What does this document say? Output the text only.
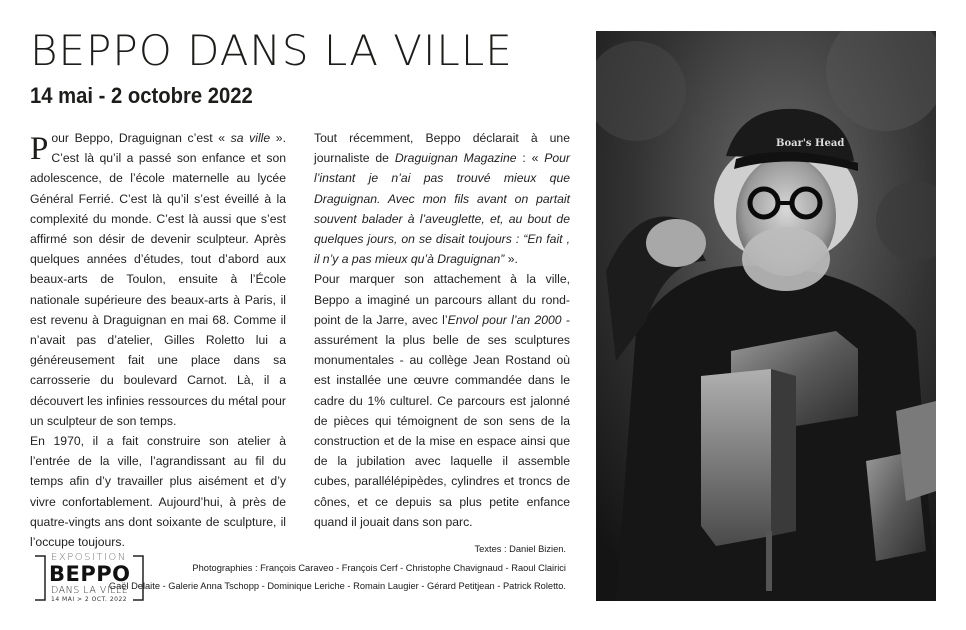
BEPPO DANS LA VILLE
14 mai - 2 octobre 2022

Pour Beppo, Draguignan c’est « sa ville ». C’est là qu’il a passé son enfance et son adolescence, de l’école maternelle au lycée Général Ferrié. C’est là qu’il s’est éveillé à la complexité du monde. C’est là aussi que s’est affirmé son désir de devenir sculpteur. Après quelques années d’études, tout d’abord aux beaux-arts de Toulon, ensuite à l’École nationale supérieure des beaux-arts à Paris, il est revenu à Draguignan en mai 68. Comme il n’avait pas d’atelier, Gilles Roletto lui a généreusement fait une place dans sa carrosserie du boulevard Carnot. Là, il a découvert les infinies ressources du métal pour un sculpteur de son temps.

En 1970, il a fait construire son atelier à l’entrée de la ville, l’agrandissant au fil du temps afin d’y travailler plus aisément et d’y vivre confortablement. Aujourd’hui, à près de quatre-vingts ans dont soixante de sculpture, il l’occupe toujours.

Tout récemment, Beppo déclarait à une journaliste de Draguignan Magazine : « Pour l’instant je n’ai pas trouvé mieux que Draguignan. Avec mon fils avant on partait souvent balader à l’aveuglette, et, au bout de quelques jours, on se disait toujours : “En fait , il n’y a pas mieux qu’à Draguignan” ».

Pour marquer son attachement à la ville, Beppo a imaginé un parcours allant du rond-point de la Jarre, avec l’Envol pour l’an 2000 - assurément la plus belle de ses sculptures monumentales - au collège Jean Rostand où est installée une œuvre commandée dans le cadre du 1% culturel. Ce parcours est jalonné de pièces qui témoignent de son sens de la construction et de la mise en espace ainsi que de la jubilation avec laquelle il assemble cubes, parallélépipèdes, cylindres et troncs de cônes, et ce depuis sa plus petite enfance quand il jouait dans son parc.

Boar's Head
Textes : Daniel Bizien.
Photographies : François Caraveo - François Cerf - Christophe Chavignaud - Raoul Clairici
Gaël Delaite - Galerie Anna Tschopp - Dominique Leriche - Romain Laugier - Gérard Petitjean - Patrick Roletto.
EXPOSITION
BEPPO
DANS LA VILLE
14 MAI > 2 OCT. 2022
